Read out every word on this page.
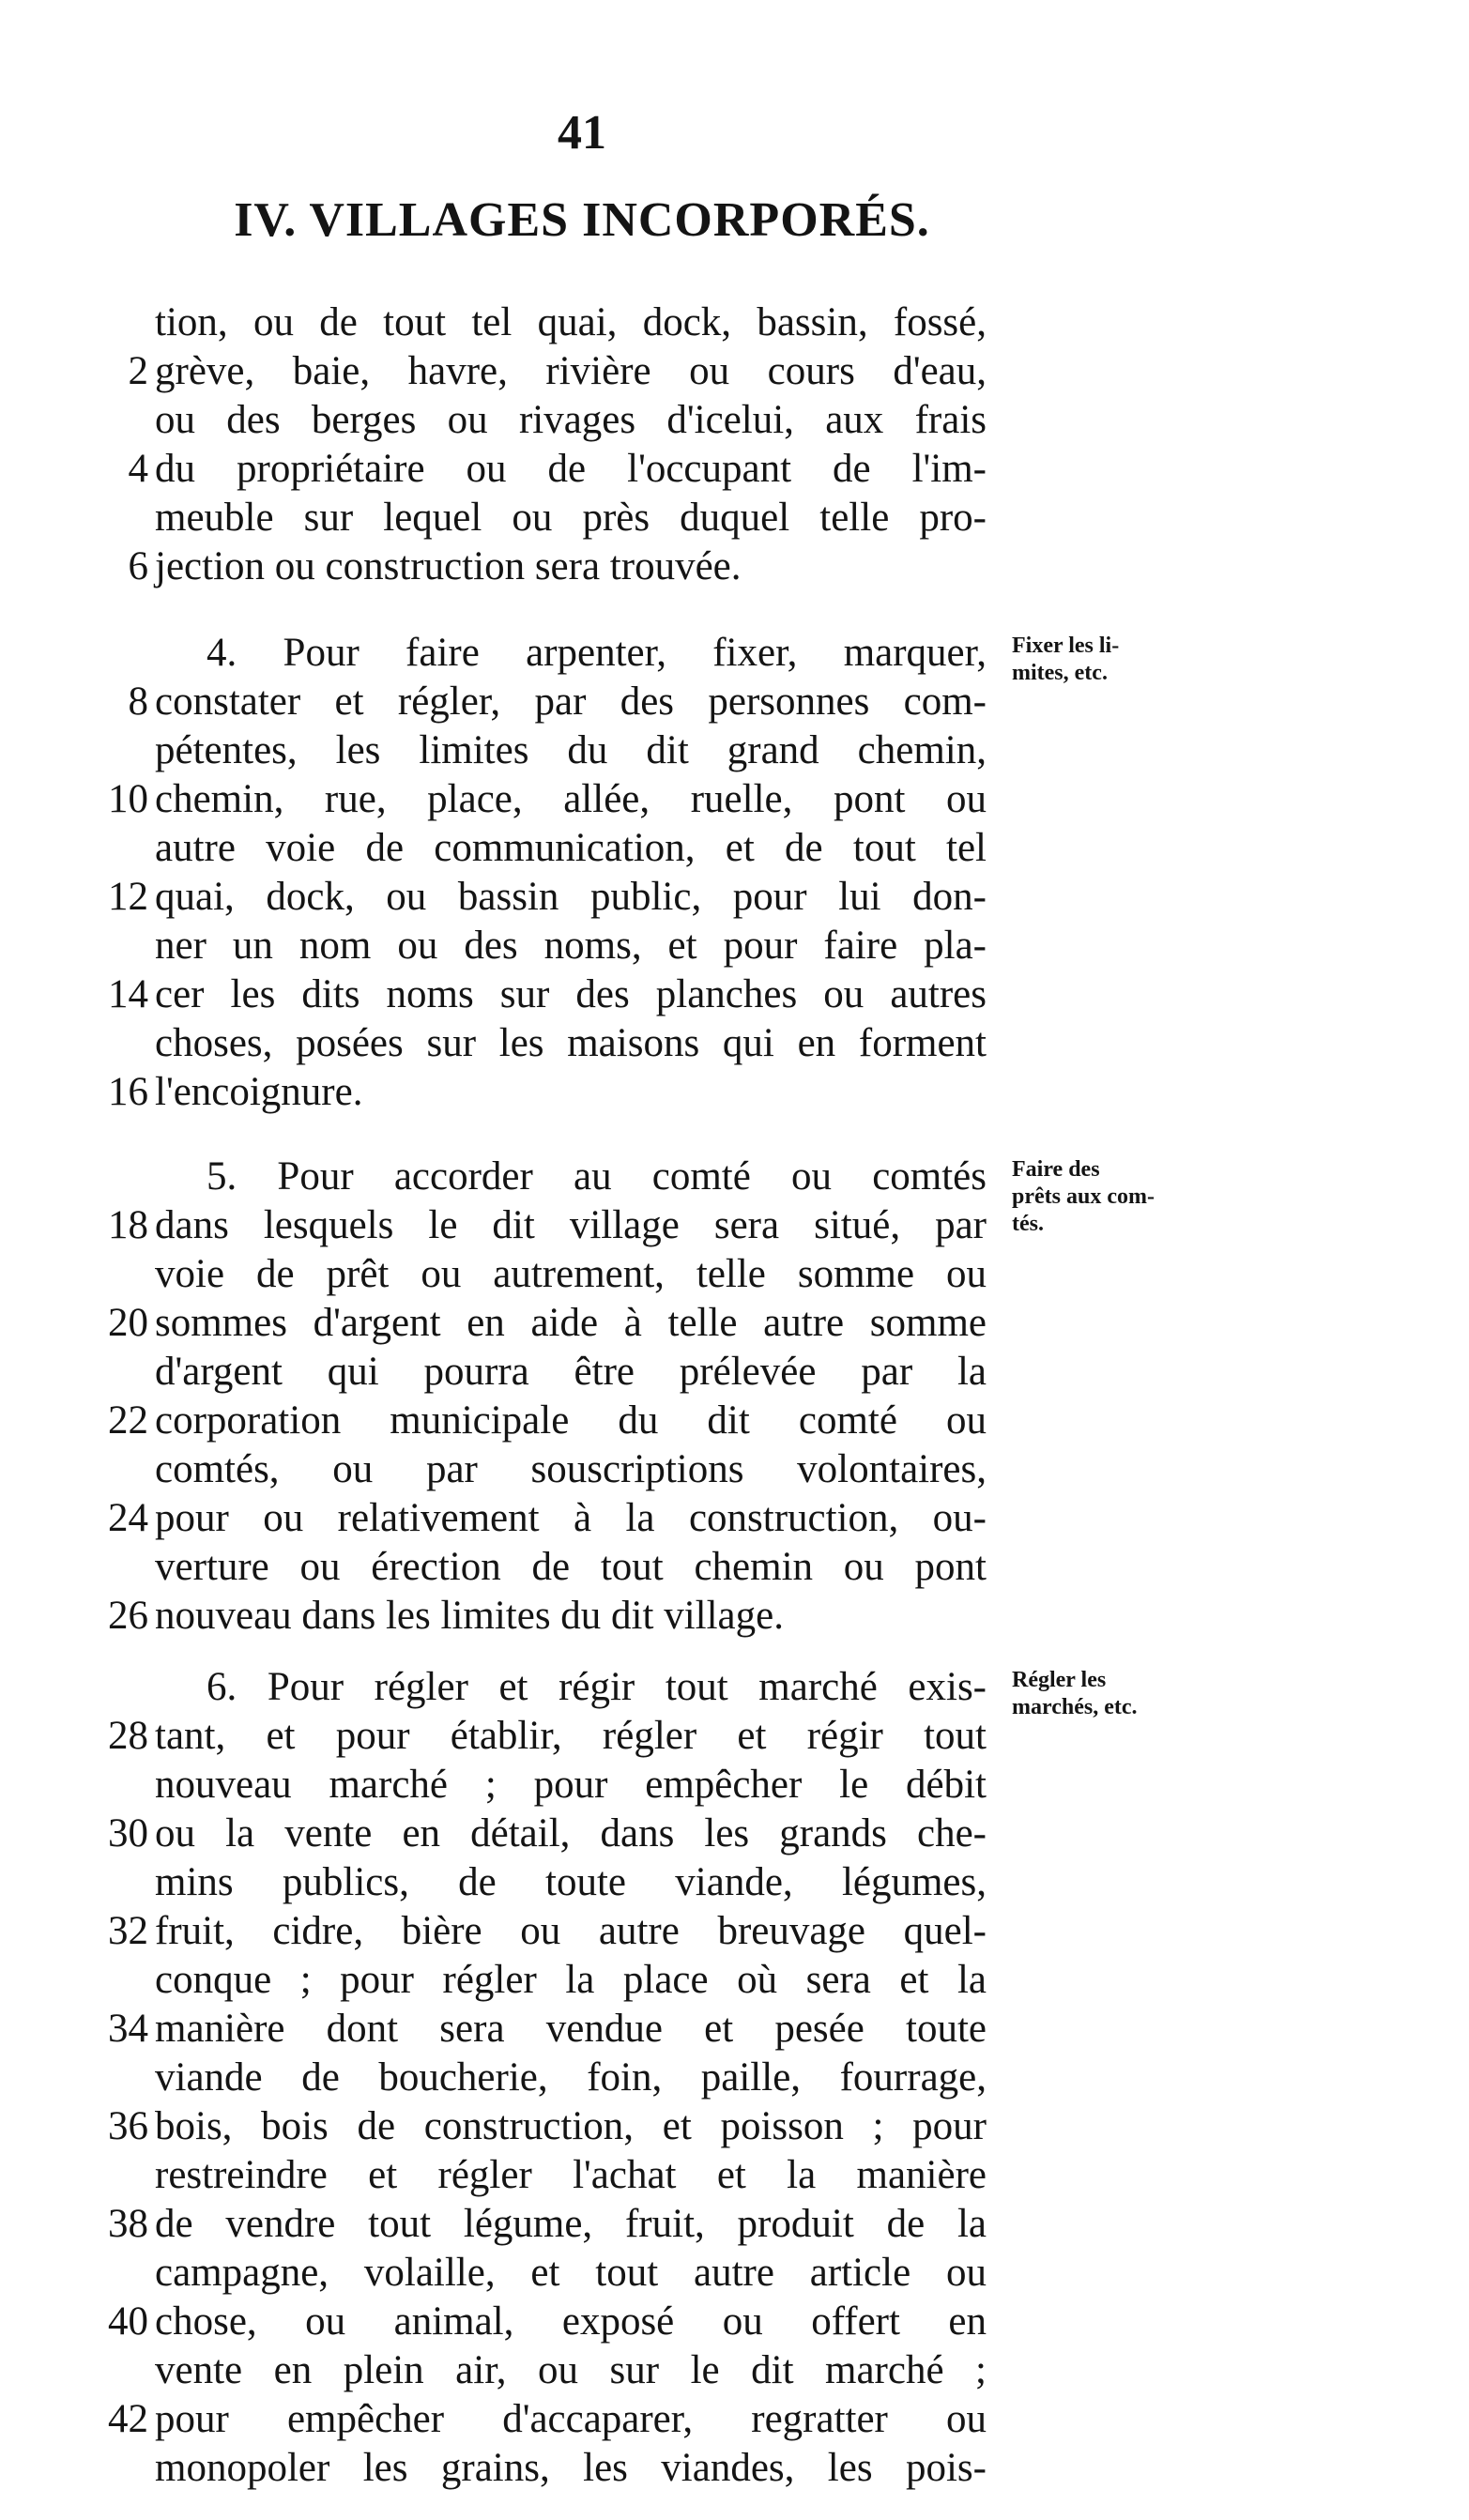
41
IV. VILLAGES INCORPORÉS.
tion, ou de tout tel quai, dock, bassin, fossé,
2 grève, baie, havre, rivière ou cours d'eau,
ou des berges ou rivages d'icelui, aux frais
4 du propriétaire ou de l'occupant de l'im-
meuble sur lequel ou près duquel telle pro-
6 jection ou construction sera trouvée.
4. Pour faire arpenter, fixer, marquer,
8 constater et régler, par des personnes com-
pétentes, les limites du dit grand chemin,
10 chemin, rue, place, allée, ruelle, pont ou
autre voie de communication, et de tout tel
12 quai, dock, ou bassin public, pour lui don-
ner un nom ou des noms, et pour faire pla-
14 cer les dits noms sur des planches ou autres
choses, posées sur les maisons qui en forment
16 l'encoignure.
5. Pour accorder au comté ou comtés
18 dans lesquels le dit village sera situé, par
voie de prêt ou autrement, telle somme ou
20 sommes d'argent en aide à telle autre somme
d'argent qui pourra être prélevée par la
22 corporation municipale du dit comté ou
comtés, ou par souscriptions volontaires,
24 pour ou relativement à la construction, ou-
verture ou érection de tout chemin ou pont
26 nouveau dans les limites du dit village.
6. Pour régler et régir tout marché exis-
28 tant, et pour établir, régler et régir tout
nouveau marché ; pour empêcher le débit
30 ou la vente en détail, dans les grands che-
mins publics, de toute viande, légumes,
32 fruit, cidre, bière ou autre breuvage quel-
conque ; pour régler la place où sera et la
34 manière dont sera vendue et pesée toute
viande de boucherie, foin, paille, fourrage,
36 bois, bois de construction, et poisson ; pour
restreindre et régler l'achat et la manière
38 de vendre tout légume, fruit, produit de la
campagne, volaille, et tout autre article ou
40 chose, ou animal, exposé ou offert en
vente en plein air, ou sur le dit marché ;
42 pour empêcher d'accaparer, regratter ou
monopoler les grains, les viandes, les pois-
Fixer les li-
mites, etc.
Faire des
prêts aux com-
tés.
Régler les
marchés, etc.
